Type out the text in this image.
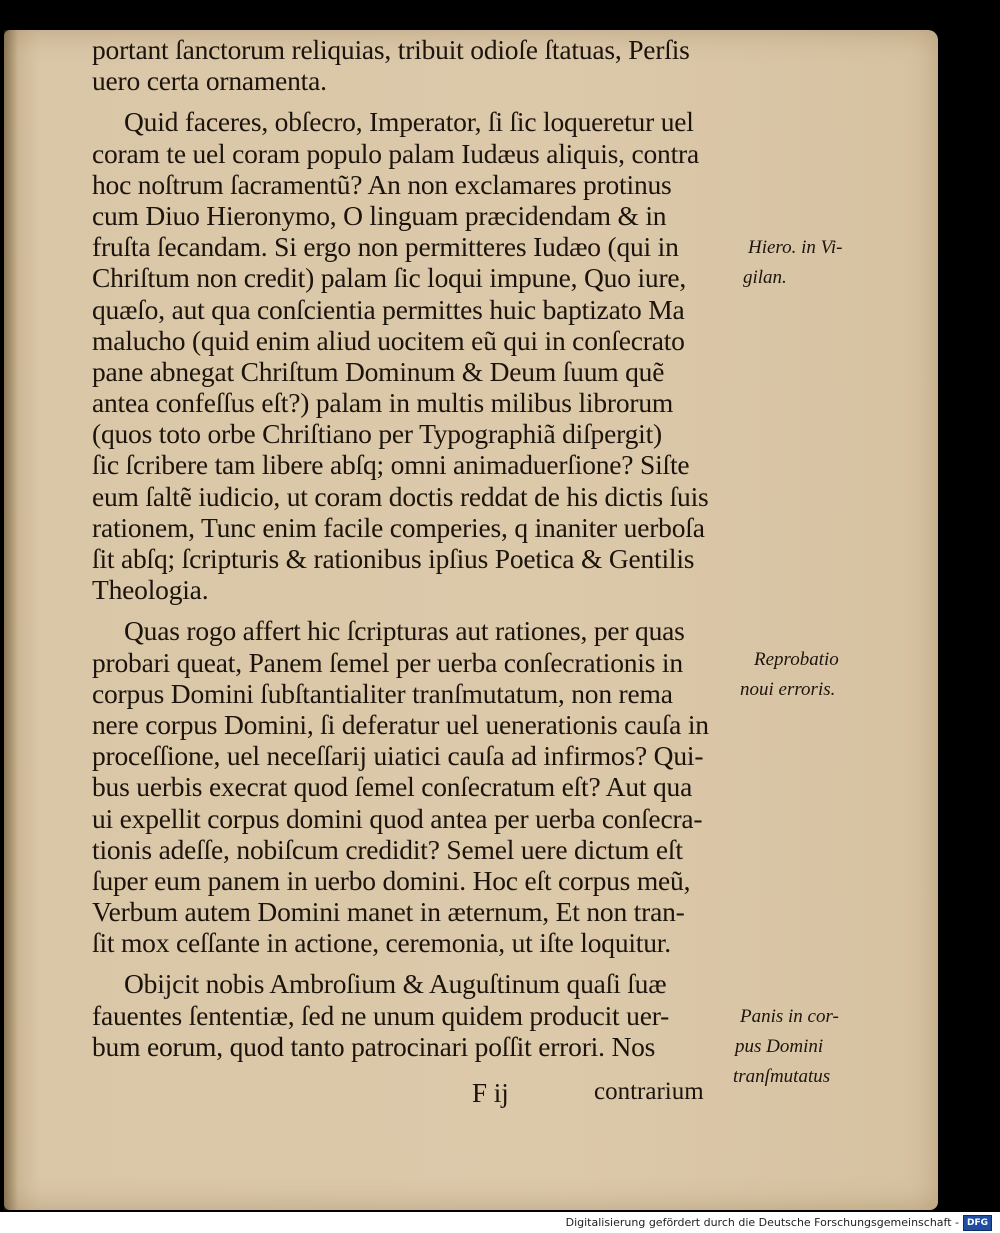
portant ſanctorum reliquias, tribuit odioſe ſtatuas, Perſis
uero certa ornamenta.
Quid faceres, obſecro, Imperator, ſi ſic loqueretur uel
coram te uel coram populo palam Iudæus aliquis, contra
hoc noſtrum ſacramentũ? An non exclamares protinus
cum Diuo Hieronymo, O linguam præcidendam & in
fruſta ſecandam. Si ergo non permitteres Iudæo (qui in
Chriſtum non credit) palam ſic loqui impune, Quo iure,
quæſo, aut qua conſcientia permittes huic baptizato Ma
malucho (quid enim aliud uocitem eũ qui in conſecrato
pane abnegat Chriſtum Dominum & Deum ſuum quẽ
antea confeſſus eſt?) palam in multis milibus librorum
(quos toto orbe Chriſtiano per Typographiã diſpergit)
ſic ſcribere tam libere abſq; omni animaduerſione? Siſte
eum ſaltẽ iudicio, ut coram doctis reddat de his dictis ſuis
rationem, Tunc enim facile comperies, q inaniter uerboſa
ſit abſq; ſcripturis & rationibus ipſius Poetica & Gentilis
Theologia.
Quas rogo affert hic ſcripturas aut rationes, per quas
probari queat, Panem ſemel per uerba conſecrationis in
corpus Domini ſubſtantialiter tranſmutatum, non rema
nere corpus Domini, ſi deferatur uel uenerationis cauſa in
proceſſione, uel neceſſarij uiatici cauſa ad infirmos? Qui-
bus uerbis execrat quod ſemel conſecratum eſt? Aut qua
ui expellit corpus domini quod antea per uerba conſecra-
tionis adeſſe, nobiſcum credidit? Semel uere dictum eſt
ſuper eum panem in uerbo domini. Hoc eſt corpus meũ,
Verbum autem Domini manet in æternum, Et non tran-
ſit mox ceſſante in actione, ceremonia, ut iſte loquitur.
Obijcit nobis Ambroſium & Auguſtinum quaſi ſuæ
fauentes ſententiæ, ſed ne unum quidem producit uer-
bum eorum, quod tanto patrocinari poſſit errori. Nos
Hiero. in Vi-
gilan.
Reprobatio
noui erroris.
Panis in cor-
pus Domini
tranſmutatus
F ij	contrarium
Digitalisierung gefördert durch die Deutsche Forschungsgemeinschaft - DFG
